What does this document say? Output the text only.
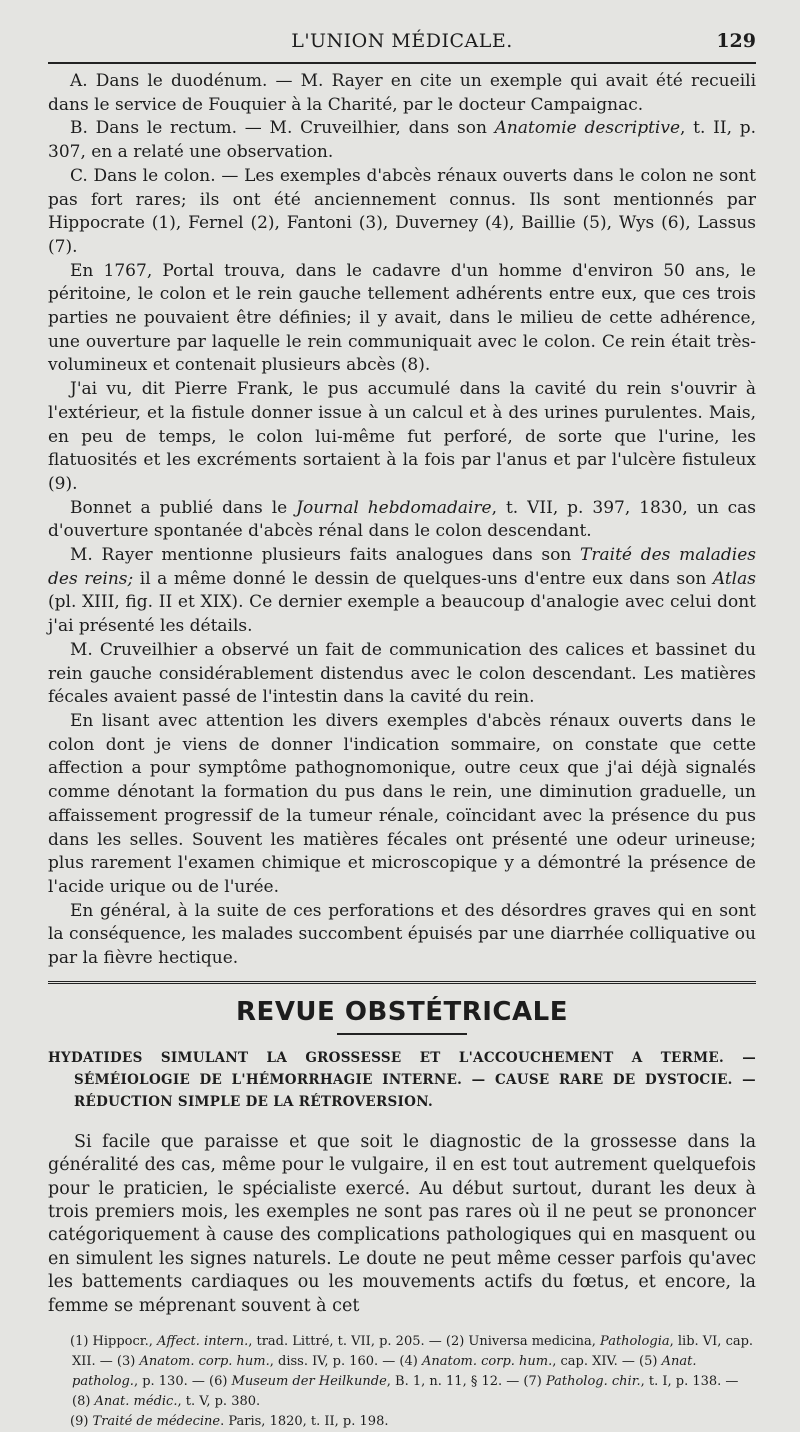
L'UNION MÉDICALE.	129

A. Dans le duodénum. — M. Rayer en cite un exemple qui avait été recueili dans le service de Fouquier à la Charité, par le docteur Campaignac.

B. Dans le rectum. — M. Cruveilhier, dans son Anatomie descriptive, t. II, p. 307, en a relaté une observation.

C. Dans le colon. — Les exemples d'abcès rénaux ouverts dans le colon ne sont pas fort rares; ils ont été anciennement connus. Ils sont mentionnés par Hippocrate (1), Fernel (2), Fantoni (3), Duverney (4), Baillie (5), Wys (6), Lassus (7).

En 1767, Portal trouva, dans le cadavre d'un homme d'environ 50 ans, le péritoine, le colon et le rein gauche tellement adhérents entre eux, que ces trois parties ne pouvaient être définies; il y avait, dans le milieu de cette adhérence, une ouverture par laquelle le rein communiquait avec le colon. Ce rein était très-volumineux et contenait plusieurs abcès (8).

J'ai vu, dit Pierre Frank, le pus accumulé dans la cavité du rein s'ouvrir à l'extérieur, et la fistule donner issue à un calcul et à des urines purulentes. Mais, en peu de temps, le colon lui-même fut perforé, de sorte que l'urine, les flatuosités et les excréments sortaient à la fois par l'anus et par l'ulcère fistuleux (9).

Bonnet a publié dans le Journal hebdomadaire, t. VII, p. 397, 1830, un cas d'ouverture spontanée d'abcès rénal dans le colon descendant.

M. Rayer mentionne plusieurs faits analogues dans son Traité des maladies des reins; il a même donné le dessin de quelques-uns d'entre eux dans son Atlas (pl. XIII, fig. II et XIX). Ce dernier exemple a beaucoup d'analogie avec celui dont j'ai présenté les détails.

M. Cruveilhier a observé un fait de communication des calices et bassinet du rein gauche considérablement distendus avec le colon descendant. Les matières fécales avaient passé de l'intestin dans la cavité du rein.

En lisant avec attention les divers exemples d'abcès rénaux ouverts dans le colon dont je viens de donner l'indication sommaire, on constate que cette affection a pour symptôme pathognomonique, outre ceux que j'ai déjà signalés comme dénotant la formation du pus dans le rein, une diminution graduelle, un affaissement progressif de la tumeur rénale, coïncidant avec la présence du pus dans les selles. Souvent les matières fécales ont présenté une odeur urineuse; plus rarement l'examen chimique et microscopique y a démontré la présence de l'acide urique ou de l'urée.

En général, à la suite de ces perforations et des désordres graves qui en sont la conséquence, les malades succombent épuisés par une diarrhée colliquative ou par la fièvre hectique.

REVUE OBSTÉTRICALE
HYDATIDES SIMULANT LA GROSSESSE ET L'ACCOUCHEMENT A TERME. — SÉMÉIOLOGIE DE L'HÉMORRHAGIE INTERNE. — CAUSE RARE DE DYSTOCIE. — RÉDUCTION SIMPLE DE LA RÉTROVERSION.

Si facile que paraisse et que soit le diagnostic de la grossesse dans la généralité des cas, même pour le vulgaire, il en est tout autrement quelquefois pour le praticien, le spécialiste exercé. Au début surtout, durant les deux à trois premiers mois, les exemples ne sont pas rares où il ne peut se prononcer catégoriquement à cause des complications pathologiques qui en masquent ou en simulent les signes naturels. Le doute ne peut même cesser parfois qu'avec les battements cardiaques ou les mouvements actifs du fœtus, et encore, la femme se méprenant souvent à cet

(1) Hippocr., Affect. intern., trad. Littré, t. VII, p. 205. — (2) Universa medicina, Pathologia, lib. VI, cap. XII. — (3) Anatom. corp. hum., diss. IV, p. 160. — (4) Anatom. corp. hum., cap. XIV. — (5) Anat. patholog., p. 130. — (6) Museum der Heilkunde, B. 1, n. 11, § 12. — (7) Patholog. chir., t. I, p. 138. — (8) Anat. médic., t. V, p. 380.
(9) Traité de médecine. Paris, 1820, t. II, p. 198.
